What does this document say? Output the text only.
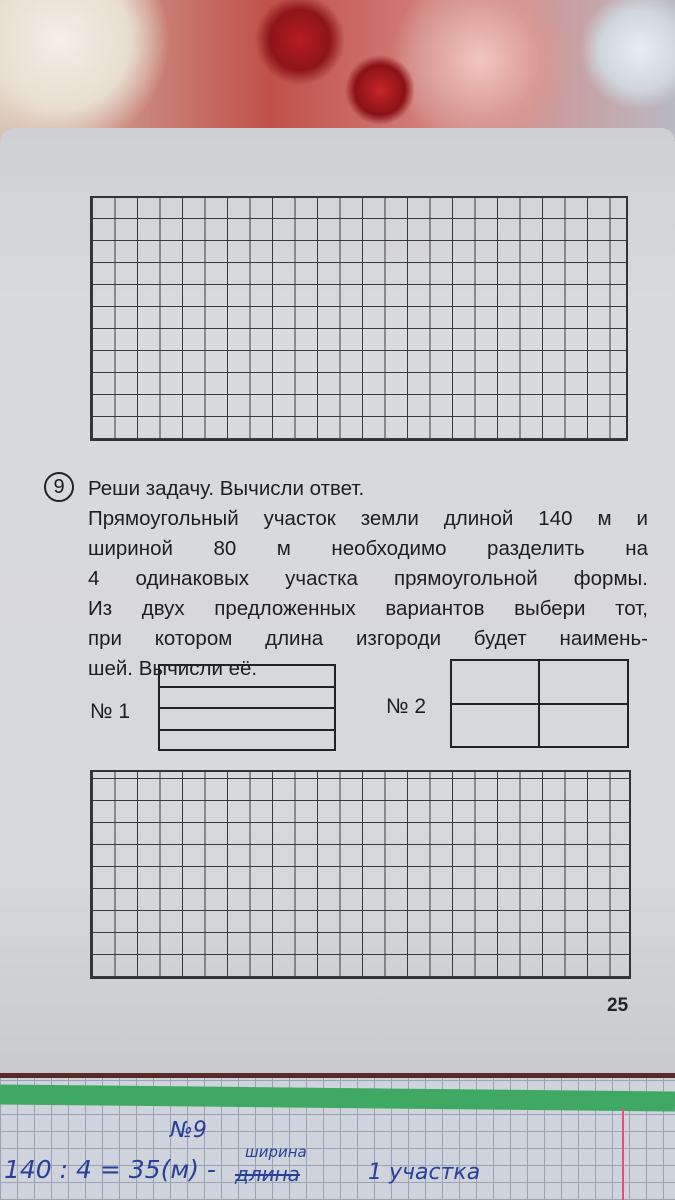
9	Реши задачу. Вычисли ответ.
Прямоугольный участок земли длиной 140 м и
шириной 80 м необходимо разделить на
4 одинаковых участка прямоугольной формы.
Из двух предложенных вариантов выбери тот,
при котором длина изгороди будет наимень-
шей. Вычисли её.
№ 1	№ 2
25
№9
140 : 4 = 35(м) - длина
ширина
1 участка
